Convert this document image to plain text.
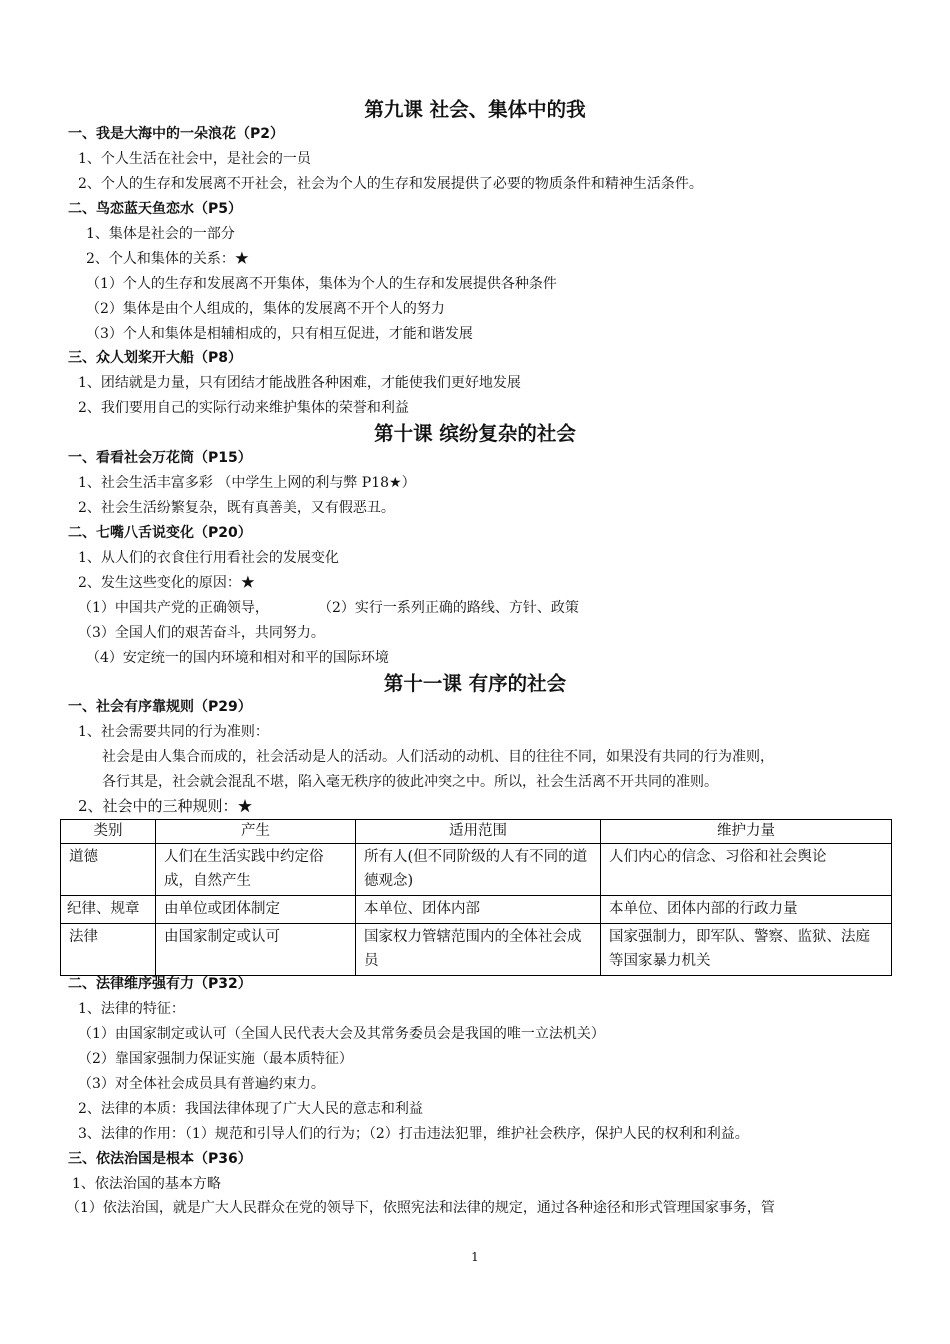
第九课 社会、集体中的我
一、我是大海中的一朵浪花（P2）
1、个人生活在社会中，是社会的一员
2、个人的生存和发展离不开社会，社会为个人的生存和发展提供了必要的物质条件和精神生活条件。
二、鸟恋蓝天鱼恋水（P5）
1、集体是社会的一部分
2、个人和集体的关系：★
（1）个人的生存和发展离不开集体，集体为个人的生存和发展提供各种条件
（2）集体是由个人组成的，集体的发展离不开个人的努力
（3）个人和集体是相辅相成的，只有相互促进，才能和谐发展
三、众人划桨开大船（P8）
1、团结就是力量，只有团结才能战胜各种困难，才能使我们更好地发展
2、我们要用自己的实际行动来维护集体的荣誉和利益
第十课 缤纷复杂的社会
一、看看社会万花筒（P15）
1、社会生活丰富多彩 （中学生上网的利与弊 P18★）
2、社会生活纷繁复杂，既有真善美，又有假恶丑。
二、七嘴八舌说变化（P20）
1、从人们的衣食住行用看社会的发展变化
2、发生这些变化的原因：★
（1）中国共产党的正确领导，	（2）实行一系列正确的路线、方针、政策
（3）全国人们的艰苦奋斗，共同努力。
（4）安定统一的国内环境和相对和平的国际环境
第十一课 有序的社会
一、社会有序靠规则（P29）
1、社会需要共同的行为准则：
社会是由人集合而成的，社会活动是人的活动。人们活动的动机、目的往往不同，如果没有共同的行为准则，
各行其是，社会就会混乱不堪，陷入毫无秩序的彼此冲突之中。所以，社会生活离不开共同的准则。
2、社会中的三种规则：★
类别	产生	适用范围	维护力量
道德	人们在生活实践中约定俗成，自然产生	所有人(但不同阶级的人有不同的道德观念)	人们内心的信念、习俗和社会舆论
纪律、规章	由单位或团体制定	本单位、团体内部	本单位、团体内部的行政力量
法律	由国家制定或认可	国家权力管辖范围内的全体社会成员	国家强制力，即军队、警察、监狱、法庭等国家暴力机关
二、法律维序强有力（P32）
1、法律的特征：
（1）由国家制定或认可（全国人民代表大会及其常务委员会是我国的唯一立法机关）
（2）靠国家强制力保证实施（最本质特征）
（3）对全体社会成员具有普遍约束力。
2、法律的本质：我国法律体现了广大人民的意志和利益
3、法律的作用：（1）规范和引导人们的行为；（2）打击违法犯罪，维护社会秩序，保护人民的权利和利益。
三、依法治国是根本（P36）
1、依法治国的基本方略
（1）依法治国，就是广大人民群众在党的领导下，依照宪法和法律的规定，通过各种途径和形式管理国家事务，管
1
